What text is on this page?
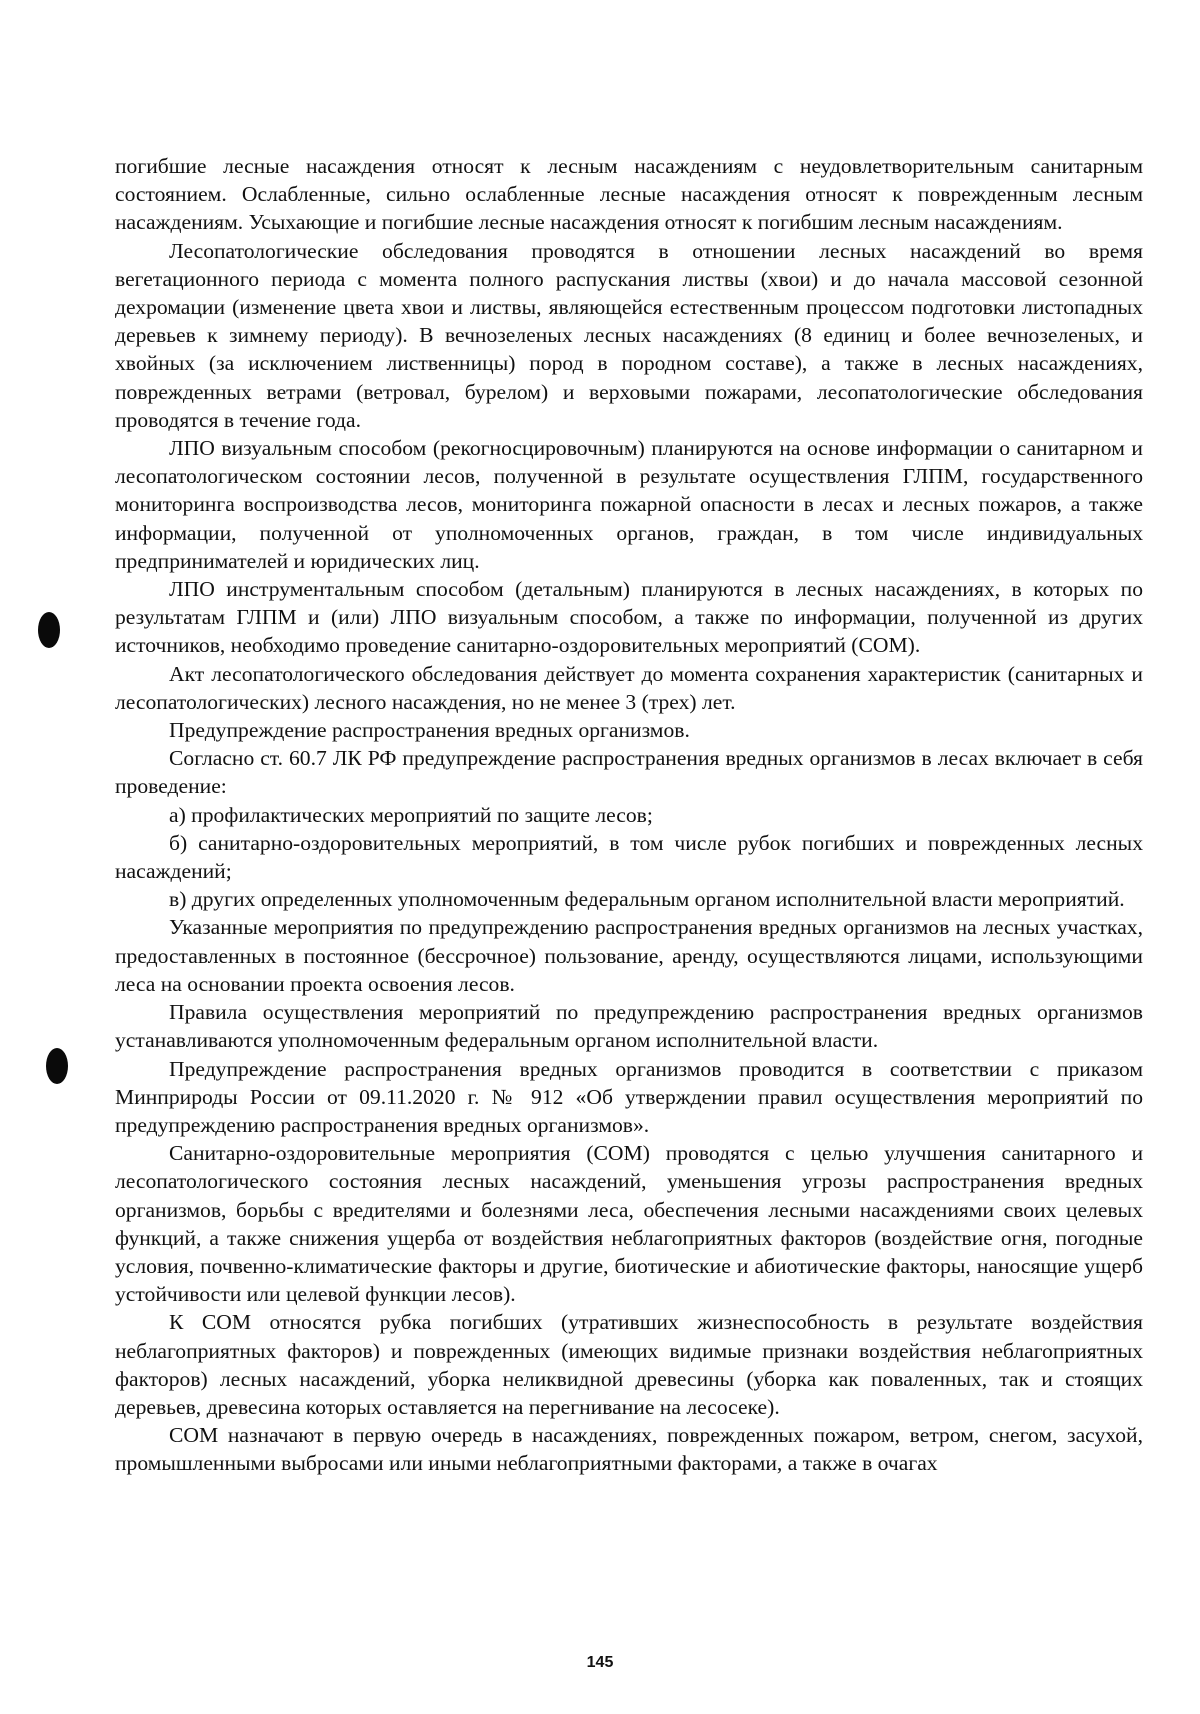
погибшие лесные насаждения относят к лесным насаждениям с неудовлетворительным санитарным состоянием. Ослабленные, сильно ослабленные лесные насаждения относят к поврежденным лесным насаждениям. Усыхающие и погибшие лесные насаждения относят к погибшим лесным насаждениям.

Лесопатологические обследования проводятся в отношении лесных насаждений во время вегетационного периода с момента полного распускания листвы (хвои) и до начала массовой сезонной дехромации (изменение цвета хвои и листвы, являющейся естественным процессом подготовки листопадных деревьев к зимнему периоду). В вечнозеленых лесных насаждениях (8 единиц и более вечнозеленых, и хвойных (за исключением лиственницы) пород в породном составе), а также в лесных насаждениях, поврежденных ветрами (ветровал, бурелом) и верховыми пожарами, лесопатологические обследования проводятся в течение года.

ЛПО визуальным способом (рекогносцировочным) планируются на основе информации о санитарном и лесопатологическом состоянии лесов, полученной в результате осуществления ГЛПМ, государственного мониторинга воспроизводства лесов, мониторинга пожарной опасности в лесах и лесных пожаров, а также информации, полученной от уполномоченных органов, граждан, в том числе индивидуальных предпринимателей и юридических лиц.

ЛПО инструментальным способом (детальным) планируются в лесных насаждениях, в которых по результатам ГЛПМ и (или) ЛПО визуальным способом, а также по информации, полученной из других источников, необходимо проведение санитарно-оздоровительных мероприятий (СОМ).

Акт лесопатологического обследования действует до момента сохранения характеристик (санитарных и лесопатологических) лесного насаждения, но не менее 3 (трех) лет.

Предупреждение распространения вредных организмов.

Согласно ст. 60.7 ЛК РФ предупреждение распространения вредных организмов в лесах включает в себя проведение:

а) профилактических мероприятий по защите лесов;

б) санитарно-оздоровительных мероприятий, в том числе рубок погибших и поврежденных лесных насаждений;

в) других определенных уполномоченным федеральным органом исполнительной власти мероприятий.

Указанные мероприятия по предупреждению распространения вредных организмов на лесных участках, предоставленных в постоянное (бессрочное) пользование, аренду, осуществляются лицами, использующими леса на основании проекта освоения лесов.

Правила осуществления мероприятий по предупреждению распространения вредных организмов устанавливаются уполномоченным федеральным органом исполнительной власти.

Предупреждение распространения вредных организмов проводится в соответствии с приказом Минприроды России от 09.11.2020 г. № 912 «Об утверждении правил осуществления мероприятий по предупреждению распространения вредных организмов».

Санитарно-оздоровительные мероприятия (СОМ) проводятся с целью улучшения санитарного и лесопатологического состояния лесных насаждений, уменьшения угрозы распространения вредных организмов, борьбы с вредителями и болезнями леса, обеспечения лесными насаждениями своих целевых функций, а также снижения ущерба от воздействия неблагоприятных факторов (воздействие огня, погодные условия, почвенно-климатические факторы и другие, биотические и абиотические факторы, наносящие ущерб устойчивости или целевой функции лесов).

К СОМ относятся рубка погибших (утративших жизнеспособность в результате воздействия неблагоприятных факторов) и поврежденных (имеющих видимые признаки воздействия неблагоприятных факторов) лесных насаждений, уборка неликвидной древесины (уборка как поваленных, так и стоящих деревьев, древесина которых оставляется на перегнивание на лесосеке).

СОМ назначают в первую очередь в насаждениях, поврежденных пожаром, ветром, снегом, засухой, промышленными выбросами или иными неблагоприятными факторами, а также в очагах

145
